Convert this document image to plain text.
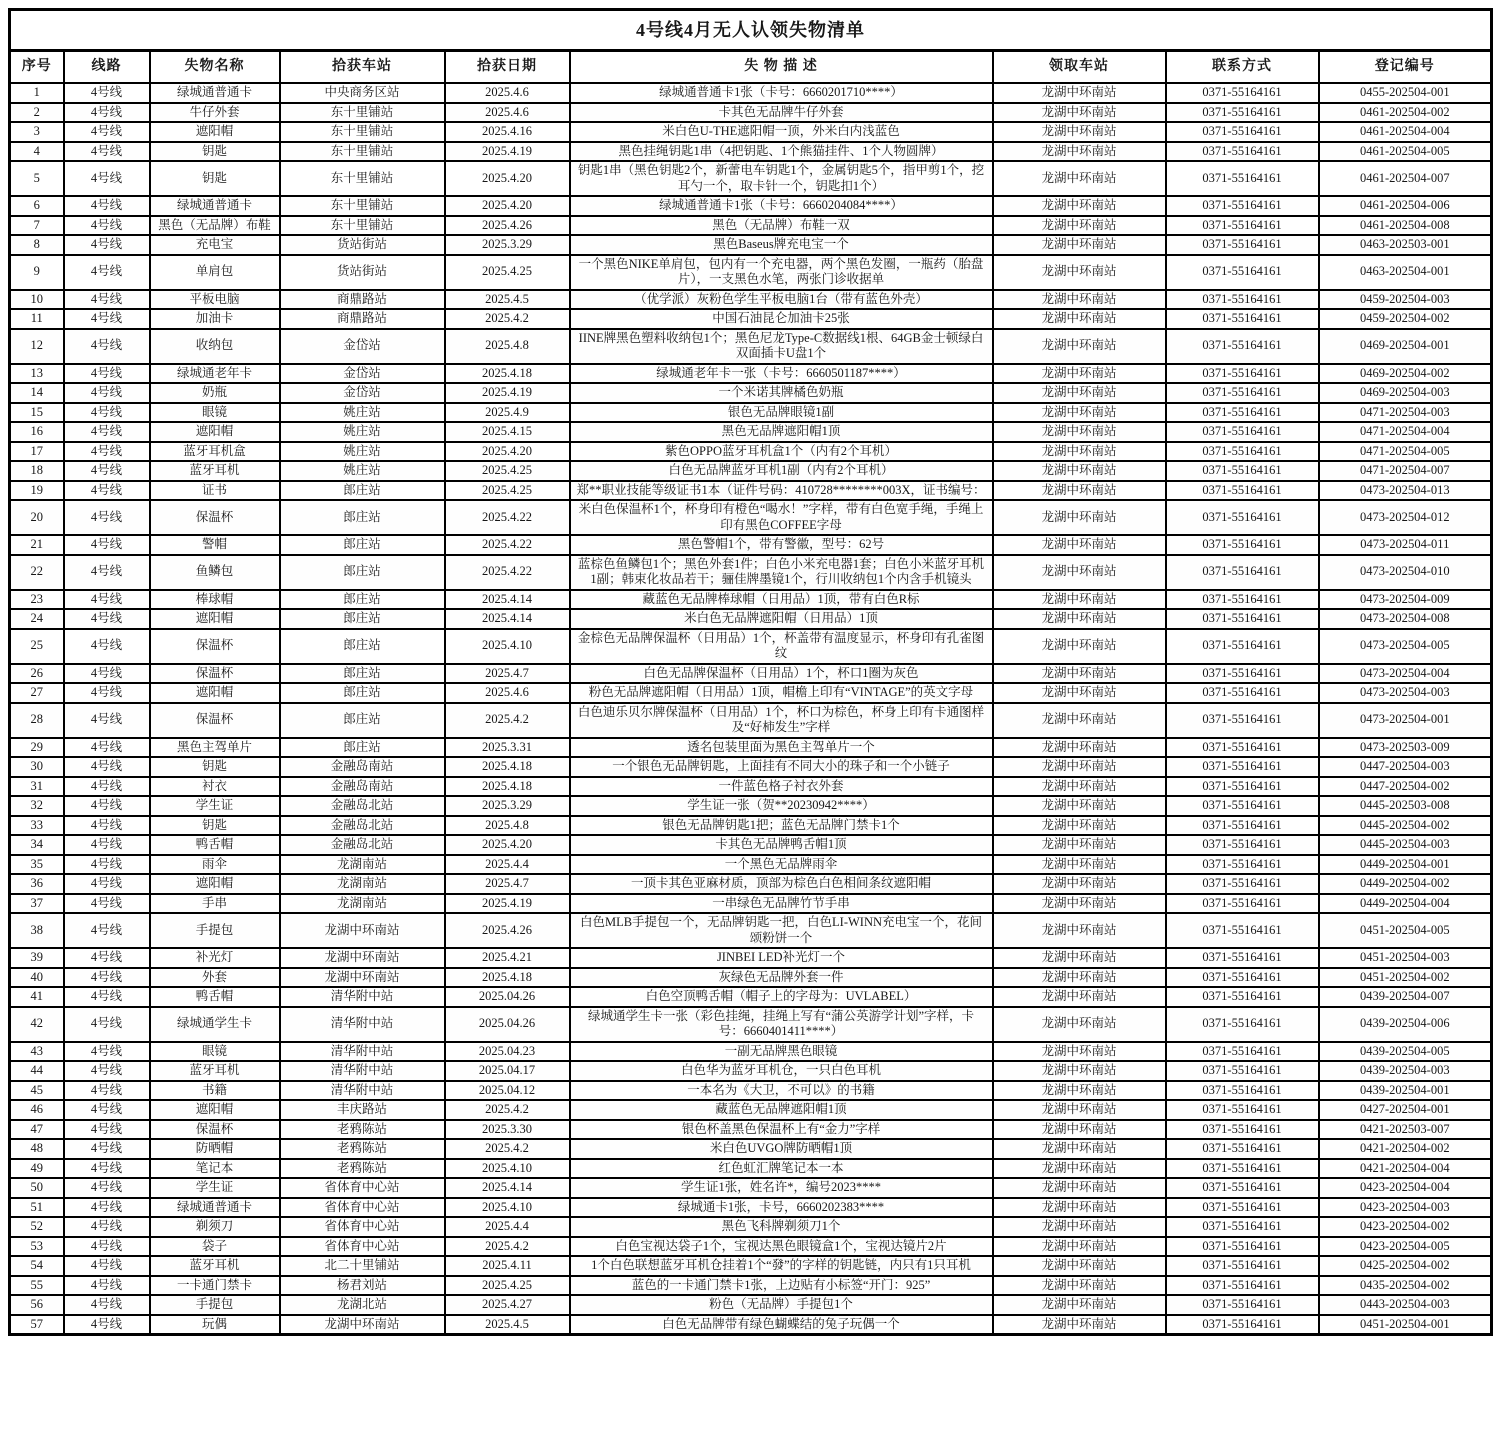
4号线4月无人认领失物清单								
序号	线路	失物名称	拾获车站	拾获日期	失 物 描 述	领取车站	联系方式	登记编号
1	4号线	绿城通普通卡	中央商务区站	2025.4.6	绿城通普通卡1张（卡号：6660201710****）	龙湖中环南站	0371-55164161	0455-202504-001
2	4号线	牛仔外套	东十里铺站	2025.4.6	卡其色无品牌牛仔外套	龙湖中环南站	0371-55164161	0461-202504-002
3	4号线	遮阳帽	东十里铺站	2025.4.16	米白色U-THE遮阳帽一顶，外米白内浅蓝色	龙湖中环南站	0371-55164161	0461-202504-004
4	4号线	钥匙	东十里铺站	2025.4.19	黑色挂绳钥匙1串（4把钥匙、1个熊猫挂件、1个人物圆牌）	龙湖中环南站	0371-55164161	0461-202504-005
5	4号线	钥匙	东十里铺站	2025.4.20	钥匙1串（黑色钥匙2个，新蕾电车钥匙1个，金属钥匙5个，指甲剪1个，挖耳勺一个，取卡针一个，钥匙扣1个）	龙湖中环南站	0371-55164161	0461-202504-007
6	4号线	绿城通普通卡	东十里铺站	2025.4.20	绿城通普通卡1张（卡号：6660204084****）	龙湖中环南站	0371-55164161	0461-202504-006
7	4号线	黑色（无品牌）布鞋	东十里铺站	2025.4.26	黑色（无品牌）布鞋一双	龙湖中环南站	0371-55164161	0461-202504-008
8	4号线	充电宝	货站街站	2025.3.29	黑色Baseus牌充电宝一个	龙湖中环南站	0371-55164161	0463-202503-001
9	4号线	单肩包	货站街站	2025.4.25	一个黑色NIKE单肩包，包内有一个充电器，两个黑色发圈，一瓶药（胎盘片），一支黑色水笔，两张门诊收据单	龙湖中环南站	0371-55164161	0463-202504-001
10	4号线	平板电脑	商鼎路站	2025.4.5	（优学派）灰粉色学生平板电脑1台（带有蓝色外壳）	龙湖中环南站	0371-55164161	0459-202504-003
11	4号线	加油卡	商鼎路站	2025.4.2	中国石油昆仑加油卡25张	龙湖中环南站	0371-55164161	0459-202504-002
12	4号线	收纳包	金岱站	2025.4.8	IINE牌黑色塑料收纳包1个；黑色尼龙Type-C数据线1根、64GB金士顿绿白双面插卡U盘1个	龙湖中环南站	0371-55164161	0469-202504-001
13	4号线	绿城通老年卡	金岱站	2025.4.18	绿城通老年卡一张（卡号：6660501187****）	龙湖中环南站	0371-55164161	0469-202504-002
14	4号线	奶瓶	金岱站	2025.4.19	一个米诺其牌橘色奶瓶	龙湖中环南站	0371-55164161	0469-202504-003
15	4号线	眼镜	姚庄站	2025.4.9	银色无品牌眼镜1副	龙湖中环南站	0371-55164161	0471-202504-003
16	4号线	遮阳帽	姚庄站	2025.4.15	黑色无品牌遮阳帽1顶	龙湖中环南站	0371-55164161	0471-202504-004
17	4号线	蓝牙耳机盒	姚庄站	2025.4.20	紫色OPPO蓝牙耳机盒1个（内有2个耳机）	龙湖中环南站	0371-55164161	0471-202504-005
18	4号线	蓝牙耳机	姚庄站	2025.4.25	白色无品牌蓝牙耳机1副（内有2个耳机）	龙湖中环南站	0371-55164161	0471-202504-007
19	4号线	证书	郎庄站	2025.4.25	郑**职业技能等级证书1本（证件号码：410728********003X，证书编号：	龙湖中环南站	0371-55164161	0473-202504-013
20	4号线	保温杯	郎庄站	2025.4.22	米白色保温杯1个，杯身印有橙色“喝水！”字样，带有白色宽手绳，手绳上印有黑色COFFEE字母	龙湖中环南站	0371-55164161	0473-202504-012
21	4号线	警帽	郎庄站	2025.4.22	黑色警帽1个，带有警徽，型号：62号	龙湖中环南站	0371-55164161	0473-202504-011
22	4号线	鱼鳞包	郎庄站	2025.4.22	蓝棕色鱼鳞包1个；黑色外套1件；白色小米充电器1套；白色小米蓝牙耳机1副；韩束化妆品若干；骊佳牌墨镜1个，行川收纳包1个内含手机镜头	龙湖中环南站	0371-55164161	0473-202504-010
23	4号线	棒球帽	郎庄站	2025.4.14	藏蓝色无品牌棒球帽（日用品）1顶，带有白色R标	龙湖中环南站	0371-55164161	0473-202504-009
24	4号线	遮阳帽	郎庄站	2025.4.14	米白色无品牌遮阳帽（日用品）1顶	龙湖中环南站	0371-55164161	0473-202504-008
25	4号线	保温杯	郎庄站	2025.4.10	金棕色无品牌保温杯（日用品）1个，杯盖带有温度显示，杯身印有孔雀图纹	龙湖中环南站	0371-55164161	0473-202504-005
26	4号线	保温杯	郎庄站	2025.4.7	白色无品牌保温杯（日用品）1个，杯口1圈为灰色	龙湖中环南站	0371-55164161	0473-202504-004
27	4号线	遮阳帽	郎庄站	2025.4.6	粉色无品牌遮阳帽（日用品）1顶，帽檐上印有“VINTAGE”的英文字母	龙湖中环南站	0371-55164161	0473-202504-003
28	4号线	保温杯	郎庄站	2025.4.2	白色迪乐贝尔牌保温杯（日用品）1个，杯口为棕色，杯身上印有卡通图样及“好柿发生”字样	龙湖中环南站	0371-55164161	0473-202504-001
29	4号线	黑色主驾单片	郎庄站	2025.3.31	透名包装里面为黑色主驾单片一个	龙湖中环南站	0371-55164161	0473-202503-009
30	4号线	钥匙	金融岛南站	2025.4.18	一个银色无品牌钥匙，上面挂有不同大小的珠子和一个小链子	龙湖中环南站	0371-55164161	0447-202504-003
31	4号线	衬衣	金融岛南站	2025.4.18	一件蓝色格子衬衣外套	龙湖中环南站	0371-55164161	0447-202504-002
32	4号线	学生证	金融岛北站	2025.3.29	学生证一张（贺**20230942****）	龙湖中环南站	0371-55164161	0445-202503-008
33	4号线	钥匙	金融岛北站	2025.4.8	银色无品牌钥匙1把；蓝色无品牌门禁卡1个	龙湖中环南站	0371-55164161	0445-202504-002
34	4号线	鸭舌帽	金融岛北站	2025.4.20	卡其色无品牌鸭舌帽1顶	龙湖中环南站	0371-55164161	0445-202504-003
35	4号线	雨伞	龙湖南站	2025.4.4	一个黑色无品牌雨伞	龙湖中环南站	0371-55164161	0449-202504-001
36	4号线	遮阳帽	龙湖南站	2025.4.7	一顶卡其色亚麻材质，顶部为棕色白色相间条纹遮阳帽	龙湖中环南站	0371-55164161	0449-202504-002
37	4号线	手串	龙湖南站	2025.4.19	一串绿色无品牌竹节手串	龙湖中环南站	0371-55164161	0449-202504-004
38	4号线	手提包	龙湖中环南站	2025.4.26	白色MLB手提包一个，无品牌钥匙一把，白色LI-WINN充电宝一个，花间颂粉饼一个	龙湖中环南站	0371-55164161	0451-202504-005
39	4号线	补光灯	龙湖中环南站	2025.4.21	JINBEI LED补光灯一个	龙湖中环南站	0371-55164161	0451-202504-003
40	4号线	外套	龙湖中环南站	2025.4.18	灰绿色无品牌外套一件	龙湖中环南站	0371-55164161	0451-202504-002
41	4号线	鸭舌帽	清华附中站	2025.04.26	白色空顶鸭舌帽（帽子上的字母为：UVLABEL）	龙湖中环南站	0371-55164161	0439-202504-007
42	4号线	绿城通学生卡	清华附中站	2025.04.26	绿城通学生卡一张（彩色挂绳，挂绳上写有“蒲公英游学计划”字样，卡号：6660401411****）	龙湖中环南站	0371-55164161	0439-202504-006
43	4号线	眼镜	清华附中站	2025.04.23	一副无品牌黑色眼镜	龙湖中环南站	0371-55164161	0439-202504-005
44	4号线	蓝牙耳机	清华附中站	2025.04.17	白色华为蓝牙耳机仓，一只白色耳机	龙湖中环南站	0371-55164161	0439-202504-003
45	4号线	书籍	清华附中站	2025.04.12	一本名为《大卫，不可以》的书籍	龙湖中环南站	0371-55164161	0439-202504-001
46	4号线	遮阳帽	丰庆路站	2025.4.2	藏蓝色无品牌遮阳帽1顶	龙湖中环南站	0371-55164161	0427-202504-001
47	4号线	保温杯	老鸦陈站	2025.3.30	银色杯盖黑色保温杯上有“金力”字样	龙湖中环南站	0371-55164161	0421-202503-007
48	4号线	防晒帽	老鸦陈站	2025.4.2	米白色UVGO牌防晒帽1顶	龙湖中环南站	0371-55164161	0421-202504-002
49	4号线	笔记本	老鸦陈站	2025.4.10	红色虹汇牌笔记本一本	龙湖中环南站	0371-55164161	0421-202504-004
50	4号线	学生证	省体育中心站	2025.4.14	学生证1张，姓名许*，编号2023****	龙湖中环南站	0371-55164161	0423-202504-004
51	4号线	绿城通普通卡	省体育中心站	2025.4.10	绿城通卡1张，卡号，6660202383****	龙湖中环南站	0371-55164161	0423-202504-003
52	4号线	剃须刀	省体育中心站	2025.4.4	黑色飞科牌剃须刀1个	龙湖中环南站	0371-55164161	0423-202504-002
53	4号线	袋子	省体育中心站	2025.4.2	白色宝视达袋子1个，宝视达黑色眼镜盒1个，宝视达镜片2片	龙湖中环南站	0371-55164161	0423-202504-005
54	4号线	蓝牙耳机	北二十里铺站	2025.4.11	1个白色联想蓝牙耳机仓挂着1个“發”的字样的钥匙链，内只有1只耳机	龙湖中环南站	0371-55164161	0425-202504-002
55	4号线	一卡通门禁卡	杨君刘站	2025.4.25	蓝色的一卡通门禁卡1张，上边贴有小标签“开门：925”	龙湖中环南站	0371-55164161	0435-202504-002
56	4号线	手提包	龙湖北站	2025.4.27	粉色（无品牌）手提包1个	龙湖中环南站	0371-55164161	0443-202504-003
57	4号线	玩偶	龙湖中环南站	2025.4.5	白色无品牌带有绿色蝴蝶结的兔子玩偶一个	龙湖中环南站	0371-55164161	0451-202504-001
